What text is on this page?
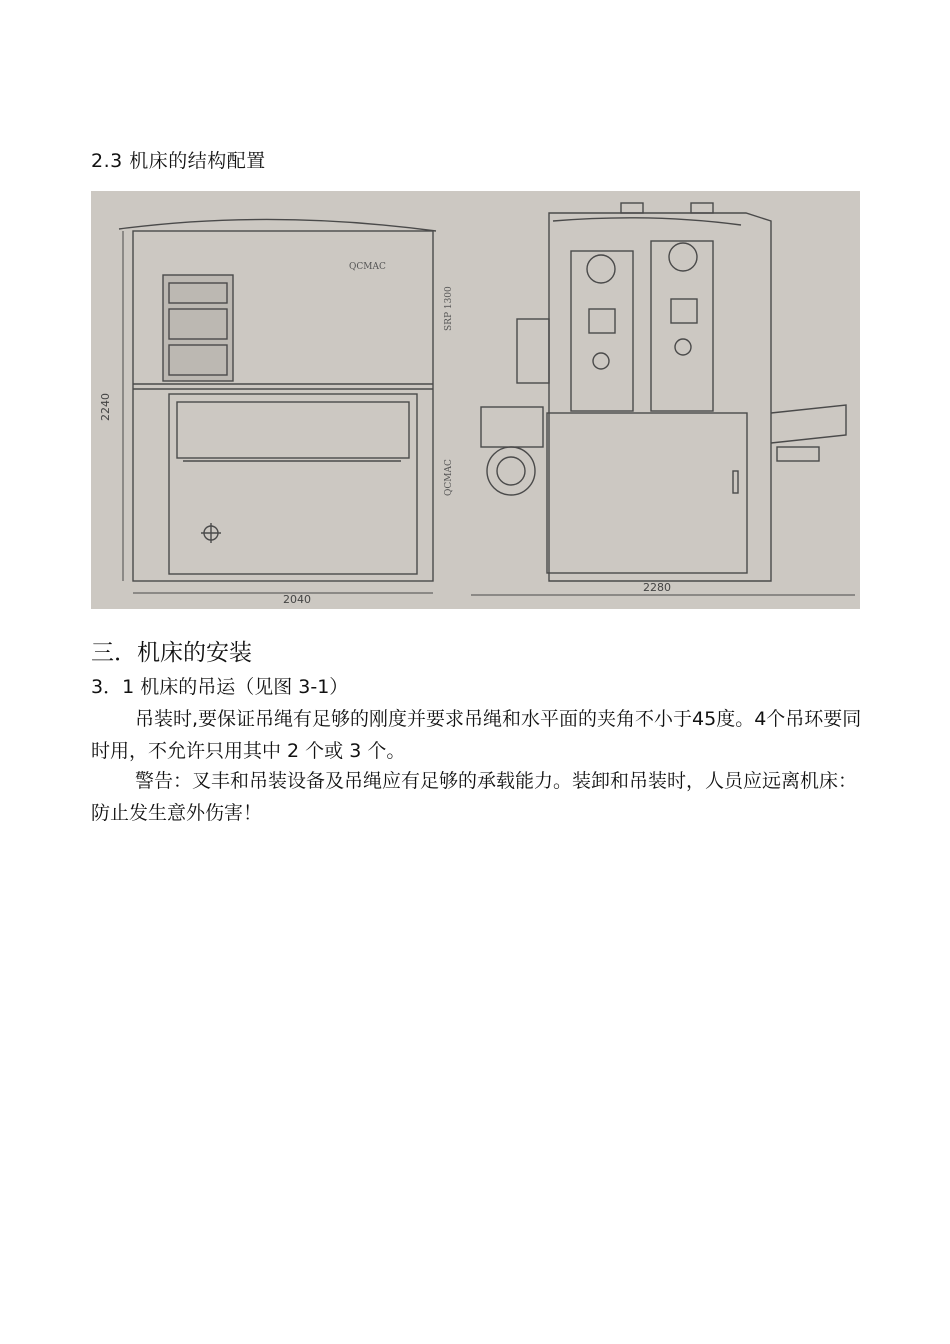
2.3 机床的结构配置
QCMAC
SRP 1300
QCMAC
2240
2040
2280
三．机床的安装
3．1 机床的吊运（见图 3-1）
吊装时,要保证吊绳有足够的刚度并要求吊绳和水平面的夹角不小于45度。4个吊环要同时用，不允许只用其中 2 个或 3 个。
警告：叉丰和吊装设备及吊绳应有足够的承载能力。装卸和吊装时，人员应远离机床：防止发生意外伤害！
